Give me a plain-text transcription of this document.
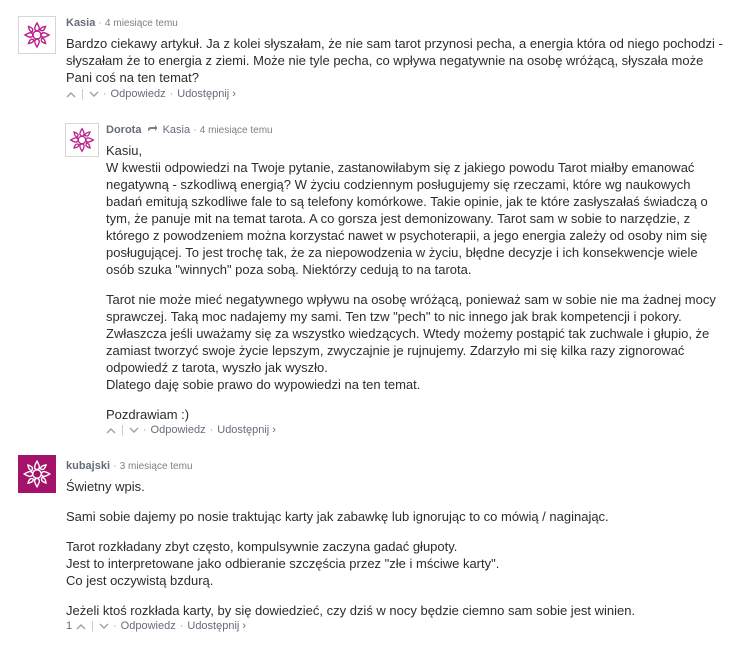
Kasia · 4 miesiące temu

Bardzo ciekawy artykuł. Ja z kolei słyszałam, że nie sam tarot przynosi pecha, a energia która od niego pochodzi - słyszałam że to energia z ziemi. Może nie tyle pecha, co wpływa negatywnie na osobę wróżącą, słyszała może Pani coś na ten temat?

| · Odpowiedz · Udostępnij ›
Dorota Kasia · 4 miesiące temu

Kasiu,
W kwestii odpowiedzi na Twoje pytanie, zastanowiłabym się z jakiego powodu Tarot miałby emanować negatywną - szkodliwą energią? W życiu codziennym posługujemy się rzeczami, które wg naukowych badań emitują szkodliwe fale to są telefony komórkowe. Takie opinie, jak te które zasłyszałaś świadczą o tym, że panuje mit na temat tarota. A co gorsza jest demonizowany. Tarot sam w sobie to narzędzie, z którego z powodzeniem można korzystać nawet w psychoterapii, a jego energia zależy od osoby nim się posługującej. To jest trochę tak, że za niepowodzenia w życiu, błędne decyzje i ich konsekwencje wiele osób szuka "winnych" poza sobą. Niektórzy cedują to na tarota.

Tarot nie może mieć negatywnego wpływu na osobę wróżącą, ponieważ sam w sobie nie ma żadnej mocy sprawczej. Taką moc nadajemy my sami. Ten tzw "pech" to nic innego jak brak kompetencji i pokory. Zwłaszcza jeśli uważamy się za wszystko wiedzących. Wtedy możemy postąpić tak zuchwale i głupio, że zamiast tworzyć swoje życie lepszym, zwyczajnie je rujnujemy. Zdarzyło mi się kilka razy zignorować odpowiedź z tarota, wyszło jak wyszło.
Dlatego daję sobie prawo do wypowiedzi na ten temat.

Pozdrawiam :)

| · Odpowiedz · Udostępnij ›
kubajski · 3 miesiące temu

Świetny wpis.

Sami sobie dajemy po nosie traktując karty jak zabawkę lub ignorując to co mówią / naginając.

Tarot rozkładany zbyt często, kompulsywnie zaczyna gadać głupoty.
Jest to interpretowane jako odbieranie szczęścia przez "złe i mściwe karty".
Co jest oczywistą bzdurą.

Jeżeli ktoś rozkłada karty, by się dowiedzieć, czy dziś w nocy będzie ciemno sam sobie jest winien.

1 | · Odpowiedz · Udostępnij ›
